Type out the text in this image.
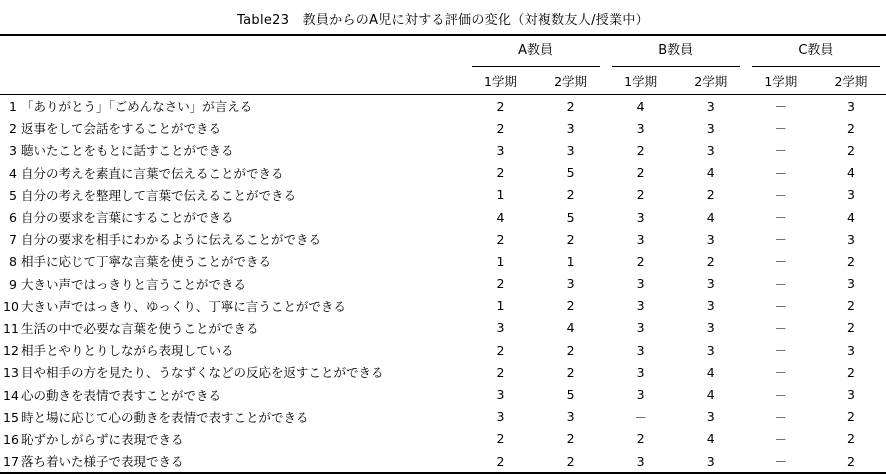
Table23　教員からのA児に対する評価の変化（対複数友人/授業中）

	A教員		B教員		C教員	

	1学期	2学期	1学期	2学期	1学期	2学期
1 「ありがとう」「ごめんなさい」が言える	2	2	4	3	－	3
2 返事をして会話をすることができる	2	3	3	3	－	2
3 聴いたことをもとに話すことができる	3	3	2	3	－	2
4 自分の考えを素直に言葉で伝えることができる	2	5	2	4	－	4
5 自分の考えを整理して言葉で伝えることができる	1	2	2	2	－	3
6 自分の要求を言葉にすることができる	4	5	3	4	－	4
7 自分の要求を相手にわかるように伝えることができる	2	2	3	3	－	3
8 相手に応じて丁寧な言葉を使うことができる	1	1	2	2	－	2
9 大きい声ではっきりと言うことができる	2	3	3	3	－	3
10 大きい声ではっきり、ゆっくり、丁寧に言うことができる	1	2	3	3	－	2
11 生活の中で必要な言葉を使うことができる	3	4	3	3	－	2
12 相手とやりとりしながら表現している	2	2	3	3	－	3
13 目や相手の方を見たり、うなずくなどの反応を返すことができる	2	2	3	4	－	2
14 心の動きを表情で表すことができる	3	5	3	4	－	3
15 時と場に応じて心の動きを表情で表すことができる	3	3	－	3	－	2
16 恥ずかしがらずに表現できる	2	2	2	4	－	2
17 落ち着いた様子で表現できる	2	2	3	3	－	2
